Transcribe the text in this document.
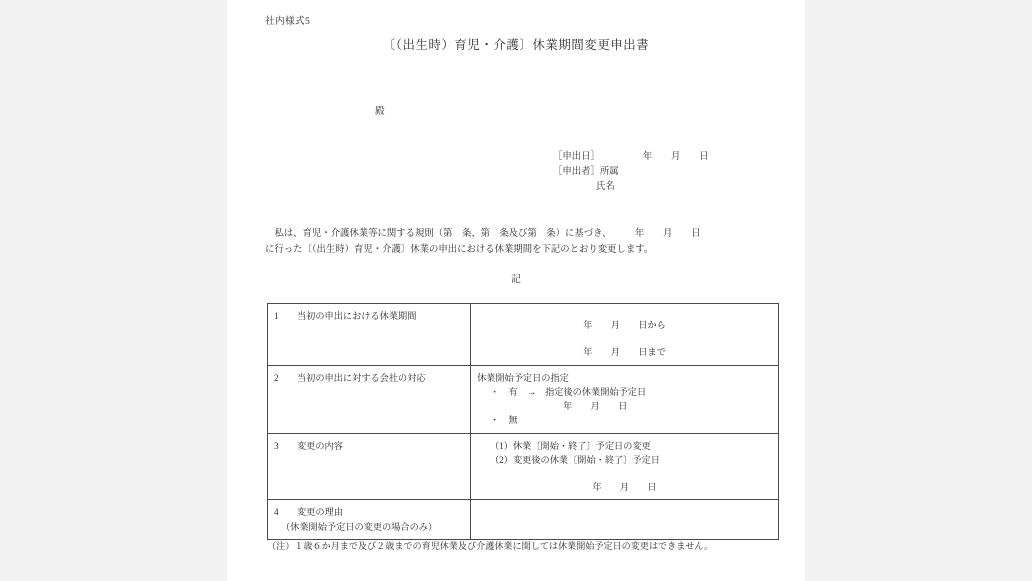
社内様式5
〔（出生時）育児・介護〕休業期間変更申出書
殿
［申出日］	年　　月　　日
［申出者］所属
氏名
　私は、育児・介護休業等に関する規則（第　条、第　条及び第　条）に基づき、　　　年　　月　　日
に行った〔（出生時）育児・介護〕休業の申出における休業期間を下記のとおり変更します。
記
1　　 当初の申出における休業期間	年　　月　　日から
年　　月　　日まで

2　　 当初の申出に対する会社の対応	休業開始予定日の指定
・　有　→　指定後の休業開始予定日
年　　月　　日
・　無

3　　 変更の内容	（1）休業〔開始・終了〕予定日の変更
（2）変更後の休業〔開始・終了〕予定日
年　　月　　日

4　　 変更の理由
（休業開始予定日の変更の場合のみ）	

（注）１歳６か月まで及び２歳までの育児休業及び介護休業に関しては休業開始予定日の変更はできません。
